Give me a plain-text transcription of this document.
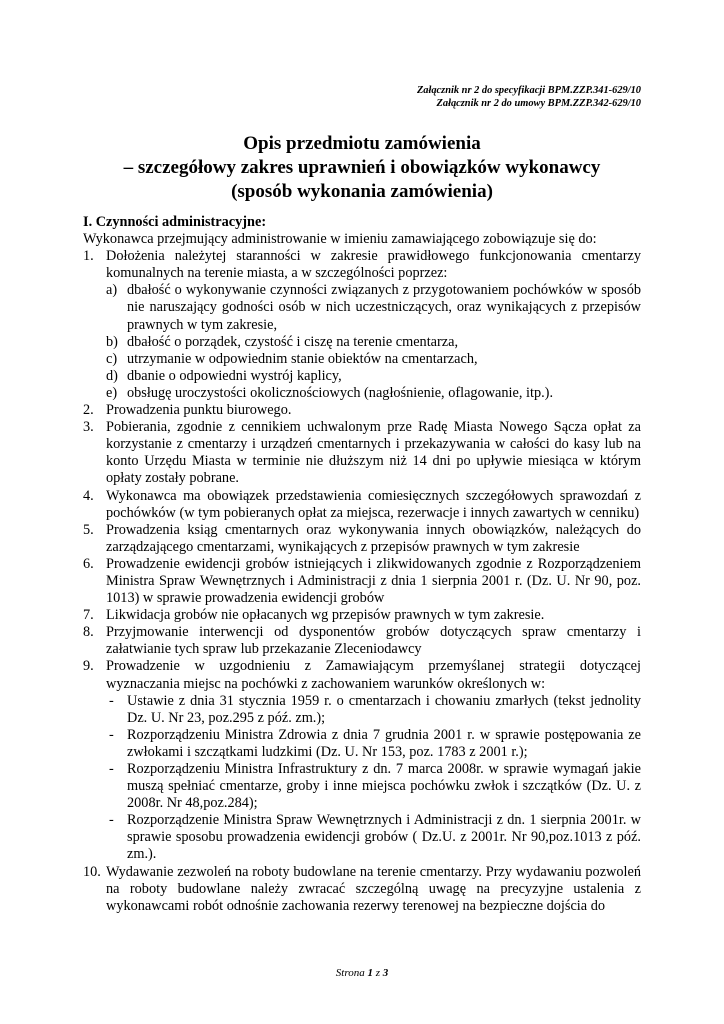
Załącznik nr 2 do specyfikacji BPM.ZZP.341-629/10
Załącznik nr 2 do umowy BPM.ZZP.342-629/10
Opis przedmiotu zamówienia
– szczegółowy zakres uprawnień i obowiązków wykonawcy
(sposób wykonania zamówienia)
I. Czynności administracyjne:
Wykonawca przejmujący administrowanie w imieniu zamawiającego zobowiązuje się do:
1. Dołożenia należytej staranności w zakresie prawidłowego funkcjonowania cmentarzy komunalnych na terenie miasta, a w szczególności poprzez:
a) dbałość o wykonywanie czynności związanych z przygotowaniem pochówków w sposób nie naruszający godności osób w nich uczestniczących, oraz wynikających z przepisów prawnych w tym zakresie,
b) dbałość o porządek, czystość i ciszę na terenie cmentarza,
c) utrzymanie w odpowiednim stanie obiektów na cmentarzach,
d) dbanie o odpowiedni wystrój kaplicy,
e) obsługę uroczystości okolicznościowych (nagłośnienie, oflagowanie, itp.).
2. Prowadzenia punktu biurowego.
3. Pobierania, zgodnie z cennikiem uchwalonym prze Radę Miasta Nowego Sącza opłat za korzystanie z cmentarzy i urządzeń cmentarnych i przekazywania w całości do kasy lub na konto Urzędu Miasta w terminie nie dłuższym niż 14 dni po upływie miesiąca w którym opłaty zostały pobrane.
4. Wykonawca ma obowiązek przedstawienia comiesięcznych szczegółowych sprawozdań z pochówków (w tym pobieranych opłat za miejsca, rezerwacje i innych zawartych w cenniku)
5. Prowadzenia ksiąg cmentarnych oraz wykonywania innych obowiązków, należących do zarządzającego cmentarzami, wynikających z przepisów prawnych w tym zakresie
6. Prowadzenie ewidencji grobów istniejących i zlikwidowanych zgodnie z Rozporządzeniem Ministra Spraw Wewnętrznych i Administracji z dnia 1 sierpnia 2001 r. (Dz. U. Nr 90, poz. 1013) w sprawie prowadzenia ewidencji grobów
7. Likwidacja grobów nie opłacanych wg przepisów prawnych w tym zakresie.
8. Przyjmowanie interwencji od dysponentów grobów dotyczących spraw cmentarzy i załatwianie tych spraw lub przekazanie Zleceniodawcy
9. Prowadzenie w uzgodnieniu z Zamawiającym przemyślanej strategii dotyczącej wyznaczania miejsc na pochówki z zachowaniem warunków określonych w:
- Ustawie z dnia 31 stycznia 1959 r. o cmentarzach i chowaniu zmarłych (tekst jednolity Dz. U. Nr 23, poz.295 z póź. zm.);
- Rozporządzeniu Ministra Zdrowia z dnia 7 grudnia 2001 r. w sprawie postępowania ze zwłokami i szczątkami ludzkimi (Dz. U. Nr 153, poz. 1783 z 2001 r.);
- Rozporządzeniu Ministra Infrastruktury z dn. 7 marca 2008r. w sprawie wymagań jakie muszą spełniać cmentarze, groby i inne miejsca pochówku zwłok i szczątków (Dz. U. z 2008r. Nr 48,poz.284);
- Rozporządzenie Ministra Spraw Wewnętrznych i Administracji z dn. 1 sierpnia 2001r. w sprawie sposobu prowadzenia ewidencji grobów ( Dz.U. z 2001r. Nr 90,poz.1013 z póź. zm.).
10. Wydawanie zezwoleń na roboty budowlane na terenie cmentarzy. Przy wydawaniu pozwoleń na roboty budowlane należy zwracać szczególną uwagę na precyzyjne ustalenia z wykonawcami robót odnośnie zachowania rezerwy terenowej na bezpieczne dojścia do
Strona 1 z 3
